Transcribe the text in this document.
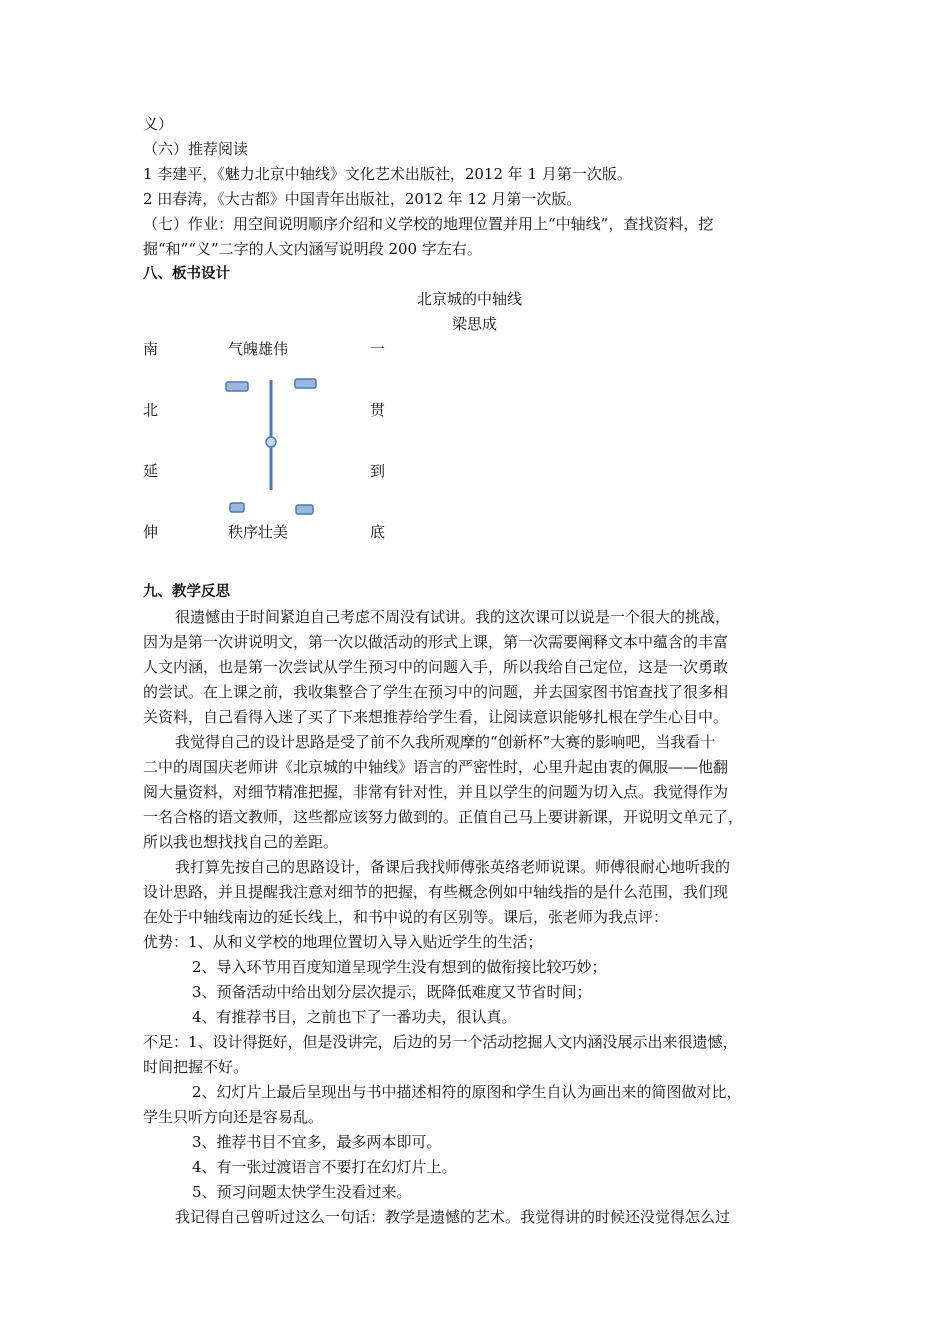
义）
（六）推荐阅读
1 李建平，《魅力北京中轴线》文化艺术出版社，2012 年 1 月第一次版。
2 田春涛，《大古都》中国青年出版社，2012 年 12 月第一次版。
（七）作业：用空间说明顺序介绍和义学校的地理位置并用上“中轴线”，查找资料，挖
掘“和”“义”二字的人文内涵写说明段 200 字左右。
八、板书设计
北京城的中轴线
梁思成
南
北
延
伸
气魄雄伟
秩序壮美
一
贯
到
底
九、教学反思
很遗憾由于时间紧迫自己考虑不周没有试讲。我的这次课可以说是一个很大的挑战，
因为是第一次讲说明文，第一次以做活动的形式上课，第一次需要阐释文本中蕴含的丰富
人文内涵，也是第一次尝试从学生预习中的问题入手，所以我给自己定位，这是一次勇敢
的尝试。在上课之前，我收集整合了学生在预习中的问题，并去国家图书馆查找了很多相
关资料，自己看得入迷了买了下来想推荐给学生看，让阅读意识能够扎根在学生心目中。
我觉得自己的设计思路是受了前不久我所观摩的“创新杯”大赛的影响吧，当我看十
二中的周国庆老师讲《北京城的中轴线》语言的严密性时，心里升起由衷的佩服——他翻
阅大量资料，对细节精准把握，非常有针对性，并且以学生的问题为切入点。我觉得作为
一名合格的语文教师，这些都应该努力做到的。正值自己马上要讲新课，开说明文单元了，
所以我也想找找自己的差距。
我打算先按自己的思路设计，备课后我找师傅张英络老师说课。师傅很耐心地听我的
设计思路，并且提醒我注意对细节的把握，有些概念例如中轴线指的是什么范围，我们现
在处于中轴线南边的延长线上，和书中说的有区别等。课后，张老师为我点评：
优势：1、从和义学校的地理位置切入导入贴近学生的生活；
2、导入环节用百度知道呈现学生没有想到的做衔接比较巧妙；
3、预备活动中给出划分层次提示，既降低难度又节省时间；
4、有推荐书目，之前也下了一番功夫，很认真。
不足：1、设计得挺好，但是没讲完，后边的另一个活动挖掘人文内涵没展示出来很遗憾，
时间把握不好。
2、幻灯片上最后呈现出与书中描述相符的原图和学生自认为画出来的简图做对比，
学生只听方向还是容易乱。
3、推荐书目不宜多，最多两本即可。
4、有一张过渡语言不要打在幻灯片上。
5、预习问题太快学生没看过来。
我记得自己曾听过这么一句话：教学是遗憾的艺术。我觉得讲的时候还没觉得怎么过
